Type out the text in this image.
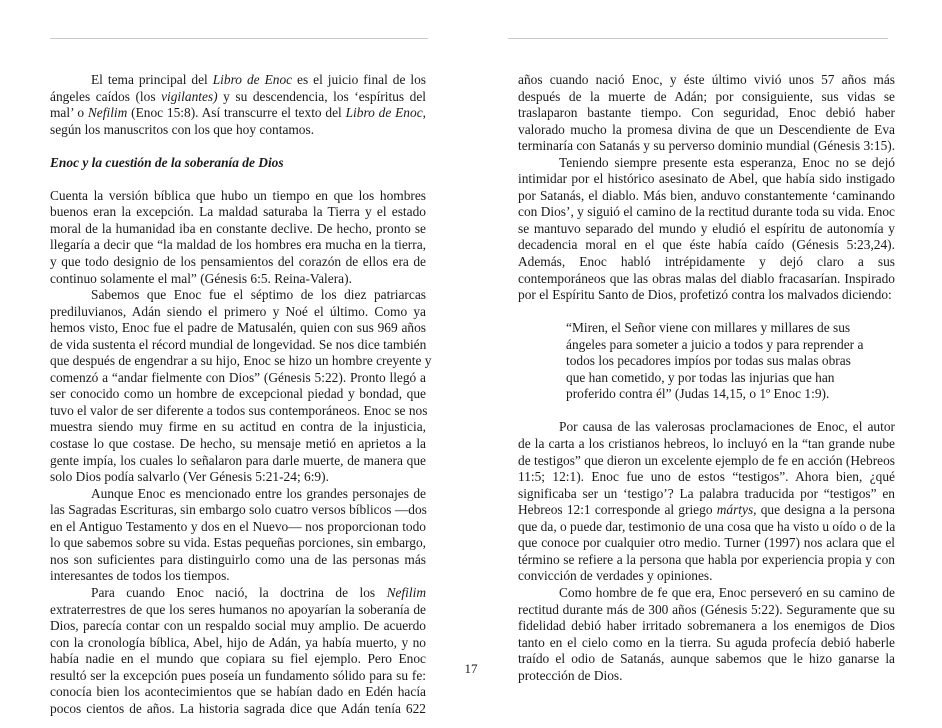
El tema principal del Libro de Enoc es el juicio final de los
ángeles caídos (los vigilantes) y su descendencia, los ‘espíritus del
mal’ o Nefilim (Enoc 15:8). Así transcurre el texto del Libro de Enoc,
según los manuscritos con los que hoy contamos.

Enoc y la cuestión de la soberanía de Dios

Cuenta la versión bíblica que hubo un tiempo en que los hombres
buenos eran la excepción. La maldad saturaba la Tierra y el estado
moral de la humanidad iba en constante declive. De hecho, pronto se
llegaría a decir que “la maldad de los hombres era mucha en la tierra,
y que todo designio de los pensamientos del corazón de ellos era de
continuo solamente el mal” (Génesis 6:5. Reina-Valera).

Sabemos que Enoc fue el séptimo de los diez patriarcas
prediluvianos, Adán siendo el primero y Noé el último. Como ya
hemos visto, Enoc fue el padre de Matusalén, quien con sus 969 años
de vida sustenta el récord mundial de longevidad. Se nos dice también
que después de engendrar a su hijo, Enoc se hizo un hombre creyente y
comenzó a “andar fielmente con Dios” (Génesis 5:22). Pronto llegó a
ser conocido como un hombre de excepcional piedad y bondad, que
tuvo el valor de ser diferente a todos sus contemporáneos. Enoc se nos
muestra siendo muy firme en su actitud en contra de la injusticia,
costase lo que costase. De hecho, su mensaje metió en aprietos a la
gente impía, los cuales lo señalaron para darle muerte, de manera que
solo Dios podía salvarlo (Ver Génesis 5:21-24; 6:9).

Aunque Enoc es mencionado entre los grandes personajes de
las Sagradas Escrituras, sin embargo solo cuatro versos bíblicos ―dos
en el Antiguo Testamento y dos en el Nuevo― nos proporcionan todo
lo que sabemos sobre su vida. Estas pequeñas porciones, sin embargo,
nos son suficientes para distinguirlo como una de las personas más
interesantes de todos los tiempos.

Para cuando Enoc nació, la doctrina de los Nefilim
extraterrestres de que los seres humanos no apoyarían la soberanía de
Dios, parecía contar con un respaldo social muy amplio. De acuerdo
con la cronología bíblica, Abel, hijo de Adán, ya había muerto, y no
había nadie en el mundo que copiara su fiel ejemplo. Pero Enoc
resultó ser la excepción pues poseía un fundamento sólido para su fe:
conocía bien los acontecimientos que se habían dado en Edén hacía
pocos cientos de años. La historia sagrada dice que Adán tenía 622

años cuando nació Enoc, y éste último vivió unos 57 años más
después de la muerte de Adán; por consiguiente, sus vidas se
traslaparon bastante tiempo. Con seguridad, Enoc debió haber
valorado mucho la promesa divina de que un Descendiente de Eva
terminaría con Satanás y su perverso dominio mundial (Génesis 3:15).

Teniendo siempre presente esta esperanza, Enoc no se dejó
intimidar por el histórico asesinato de Abel, que había sido instigado
por Satanás, el diablo. Más bien, anduvo constantemente ‘caminando
con Dios’, y siguió el camino de la rectitud durante toda su vida. Enoc
se mantuvo separado del mundo y eludió el espíritu de autonomía y
decadencia moral en el que éste había caído (Génesis 5:23,24).
Además, Enoc habló intrépidamente y dejó claro a sus
contemporáneos que las obras malas del diablo fracasarían. Inspirado
por el Espíritu Santo de Dios, profetizó contra los malvados diciendo:

“Miren, el Señor viene con millares y millares de sus
ángeles para someter a juicio a todos y para reprender a
todos los pecadores impíos por todas sus malas obras
que han cometido, y por todas las injurias que han
proferido contra él” (Judas 14,15, o 1º Enoc 1:9).

Por causa de las valerosas proclamaciones de Enoc, el autor
de la carta a los cristianos hebreos, lo incluyó en la “tan grande nube
de testigos” que dieron un excelente ejemplo de fe en acción (Hebreos
11:5; 12:1). Enoc fue uno de estos “testigos”. Ahora bien, ¿qué
significaba ser un ‘testigo’? La palabra traducida por “testigos” en
Hebreos 12:1 corresponde al griego mártys, que designa a la persona
que da, o puede dar, testimonio de una cosa que ha visto u oído o de la
que conoce por cualquier otro medio. Turner (1997) nos aclara que el
término se refiere a la persona que habla por experiencia propia y con
convicción de verdades y opiniones.

Como hombre de fe que era, Enoc perseveró en su camino de
rectitud durante más de 300 años (Génesis 5:22). Seguramente que su
fidelidad debió haber irritado sobremanera a los enemigos de Dios
tanto en el cielo como en la tierra. Su aguda profecía debió haberle
traído el odio de Satanás, aunque sabemos que le hizo ganarse la
protección de Dios.

17
